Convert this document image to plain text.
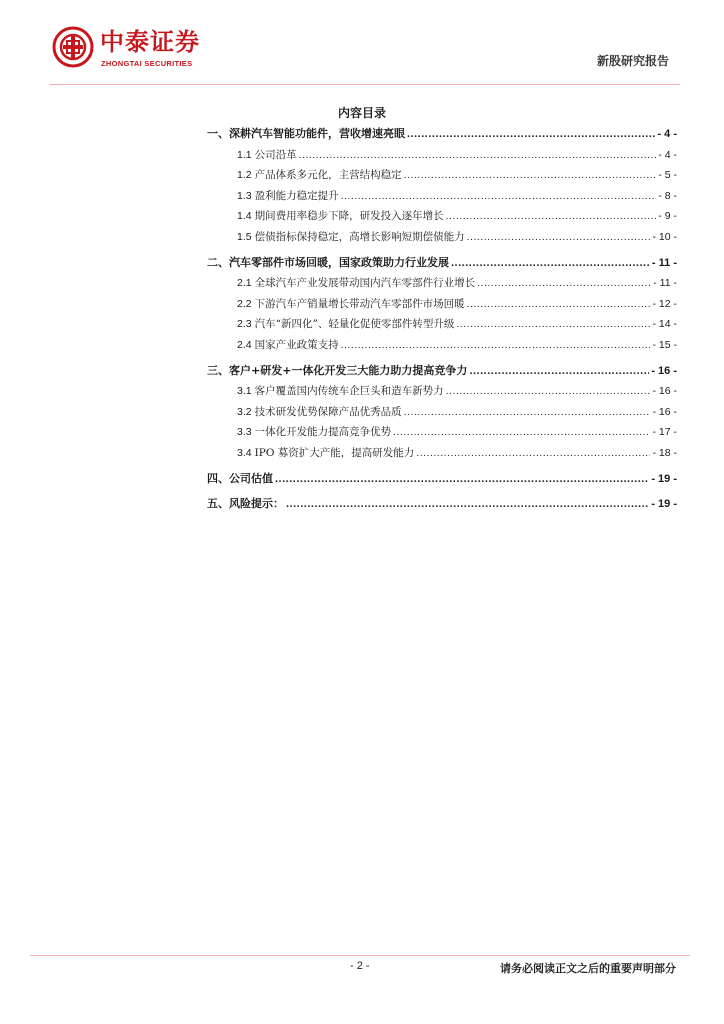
中泰证券
ZHONGTAI SECURITIES	新股研究报告
内容目录
一、深耕汽车智能功能件，营收增速亮眼 .....	- 4 -
1.1 公司沿革 .....	- 4 -
1.2 产品体系多元化，主营结构稳定 .....	- 5 -
1.3 盈利能力稳定提升 .....	- 8 -
1.4 期间费用率稳步下降，研发投入逐年增长 .....	- 9 -
1.5 偿债指标保持稳定，高增长影响短期偿债能力 .....	- 10 -
二、汽车零部件市场回暖，国家政策助力行业发展 .....	- 11 -
2.1 全球汽车产业发展带动国内汽车零部件行业增长 .....	- 11 -
2.2 下游汽车产销量增长带动汽车零部件市场回暖 .....	- 12 -
2.3 汽车“新四化”、轻量化促使零部件转型升级 .....	- 14 -
2.4 国家产业政策支持 .....	- 15 -
三、客户+研发+一体化开发三大能力助力提高竞争力 .....	- 16 -
3.1 客户覆盖国内传统车企巨头和造车新势力 .....	- 16 -
3.2 技术研发优势保障产品优秀品质 .....	- 16 -
3.3 一体化开发能力提高竞争优势 .....	- 17 -
3.4 IPO 募资扩大产能，提高研发能力 .....	- 18 -
四、公司估值 .....	- 19 -
五、风险提示： .....	- 19 -
- 2 -	请务必阅读正文之后的重要声明部分
